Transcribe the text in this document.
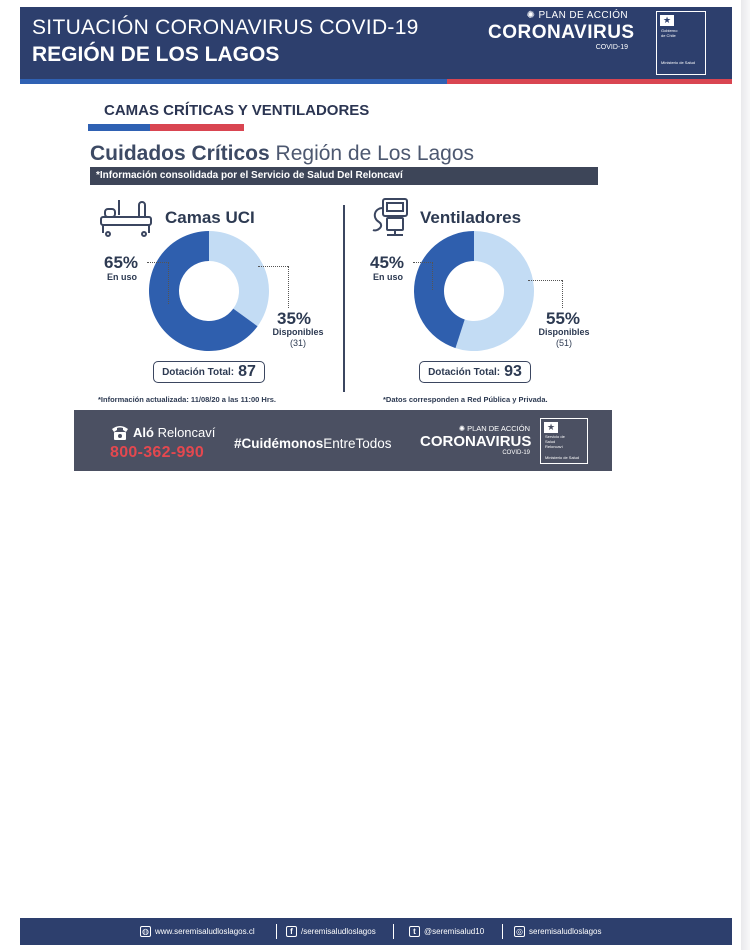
★
Gobierno
de Chile
Ministerio de Salud
SITUACIÓN CORONAVIRUS COVID-19
REGIÓN DE LOS LAGOS
✺ PLAN DE ACCIÓN
CORONAVIRUS
COVID-19
CAMAS CRÍTICAS Y VENTILADORES
Cuidados Críticos Región de Los Lagos
*Información consolidada por el Servicio de Salud Del Reloncaví
Camas UCI	Ventiladores
65%
En uso
35%
Disponibles
(31)
45%
En uso
55%
Disponibles
(51)
Dotación Total: 87	Dotación Total: 93
*Información actualizada: 11/08/20 a las 11:00 Hrs.	*Datos corresponden a Red Pública y Privada.
★
Servicio de
Salud
Reloncaví
Ministerio de Salud
Aló Reloncaví
800-362-990
#CuidémonosEntreTodos
✺ PLAN DE ACCIÓN
CORONAVIRUS
COVID-19
◍ www.seremisaludloslagos.cl	f	/seremisaludloslagos	t	@seremisalud10	◎ seremisaludloslagos
